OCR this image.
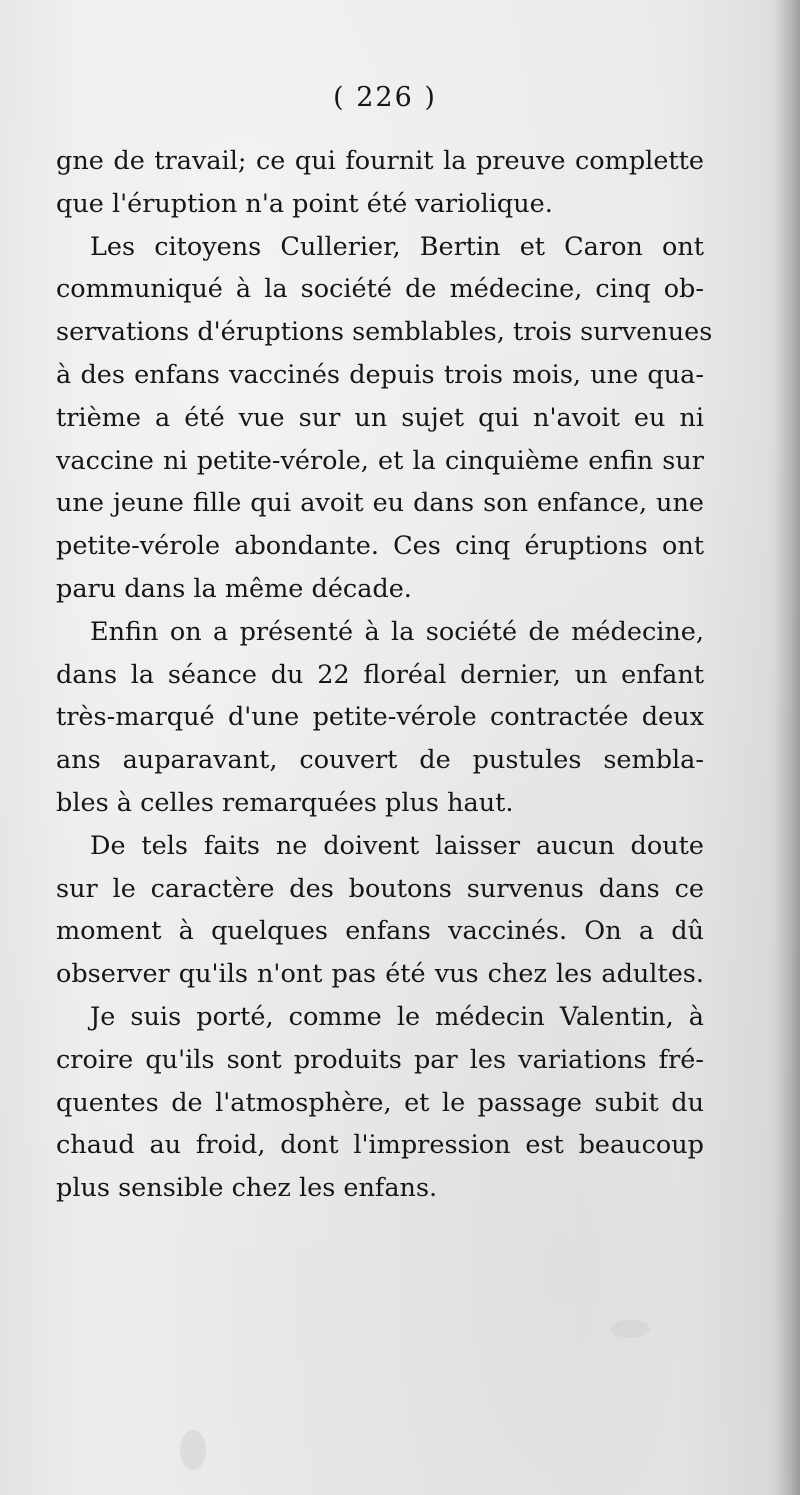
( 226 )
gne de travail; ce qui fournit la preuve complette
que l'éruption n'a point été variolique.
Les citoyens Cullerier, Bertin et Caron ont
communiqué à la société de médecine, cinq ob-
servations d'éruptions semblables, trois survenues
à des enfans vaccinés depuis trois mois, une qua-
trième a été vue sur un sujet qui n'avoit eu ni
vaccine ni petite-vérole, et la cinquième enfin sur
une jeune fille qui avoit eu dans son enfance, une
petite-vérole abondante. Ces cinq éruptions ont
paru dans la même décade.
Enfin on a présenté à la société de médecine,
dans la séance du 22 floréal dernier, un enfant
très-marqué d'une petite-vérole contractée deux
ans auparavant, couvert de pustules sembla-
bles à celles remarquées plus haut.
De tels faits ne doivent laisser aucun doute
sur le caractère des boutons survenus dans ce
moment à quelques enfans vaccinés. On a dû
observer qu'ils n'ont pas été vus chez les adultes.
Je suis porté, comme le médecin Valentin, à
croire qu'ils sont produits par les variations fré-
quentes de l'atmosphère, et le passage subit du
chaud au froid, dont l'impression est beaucoup
plus sensible chez les enfans.
